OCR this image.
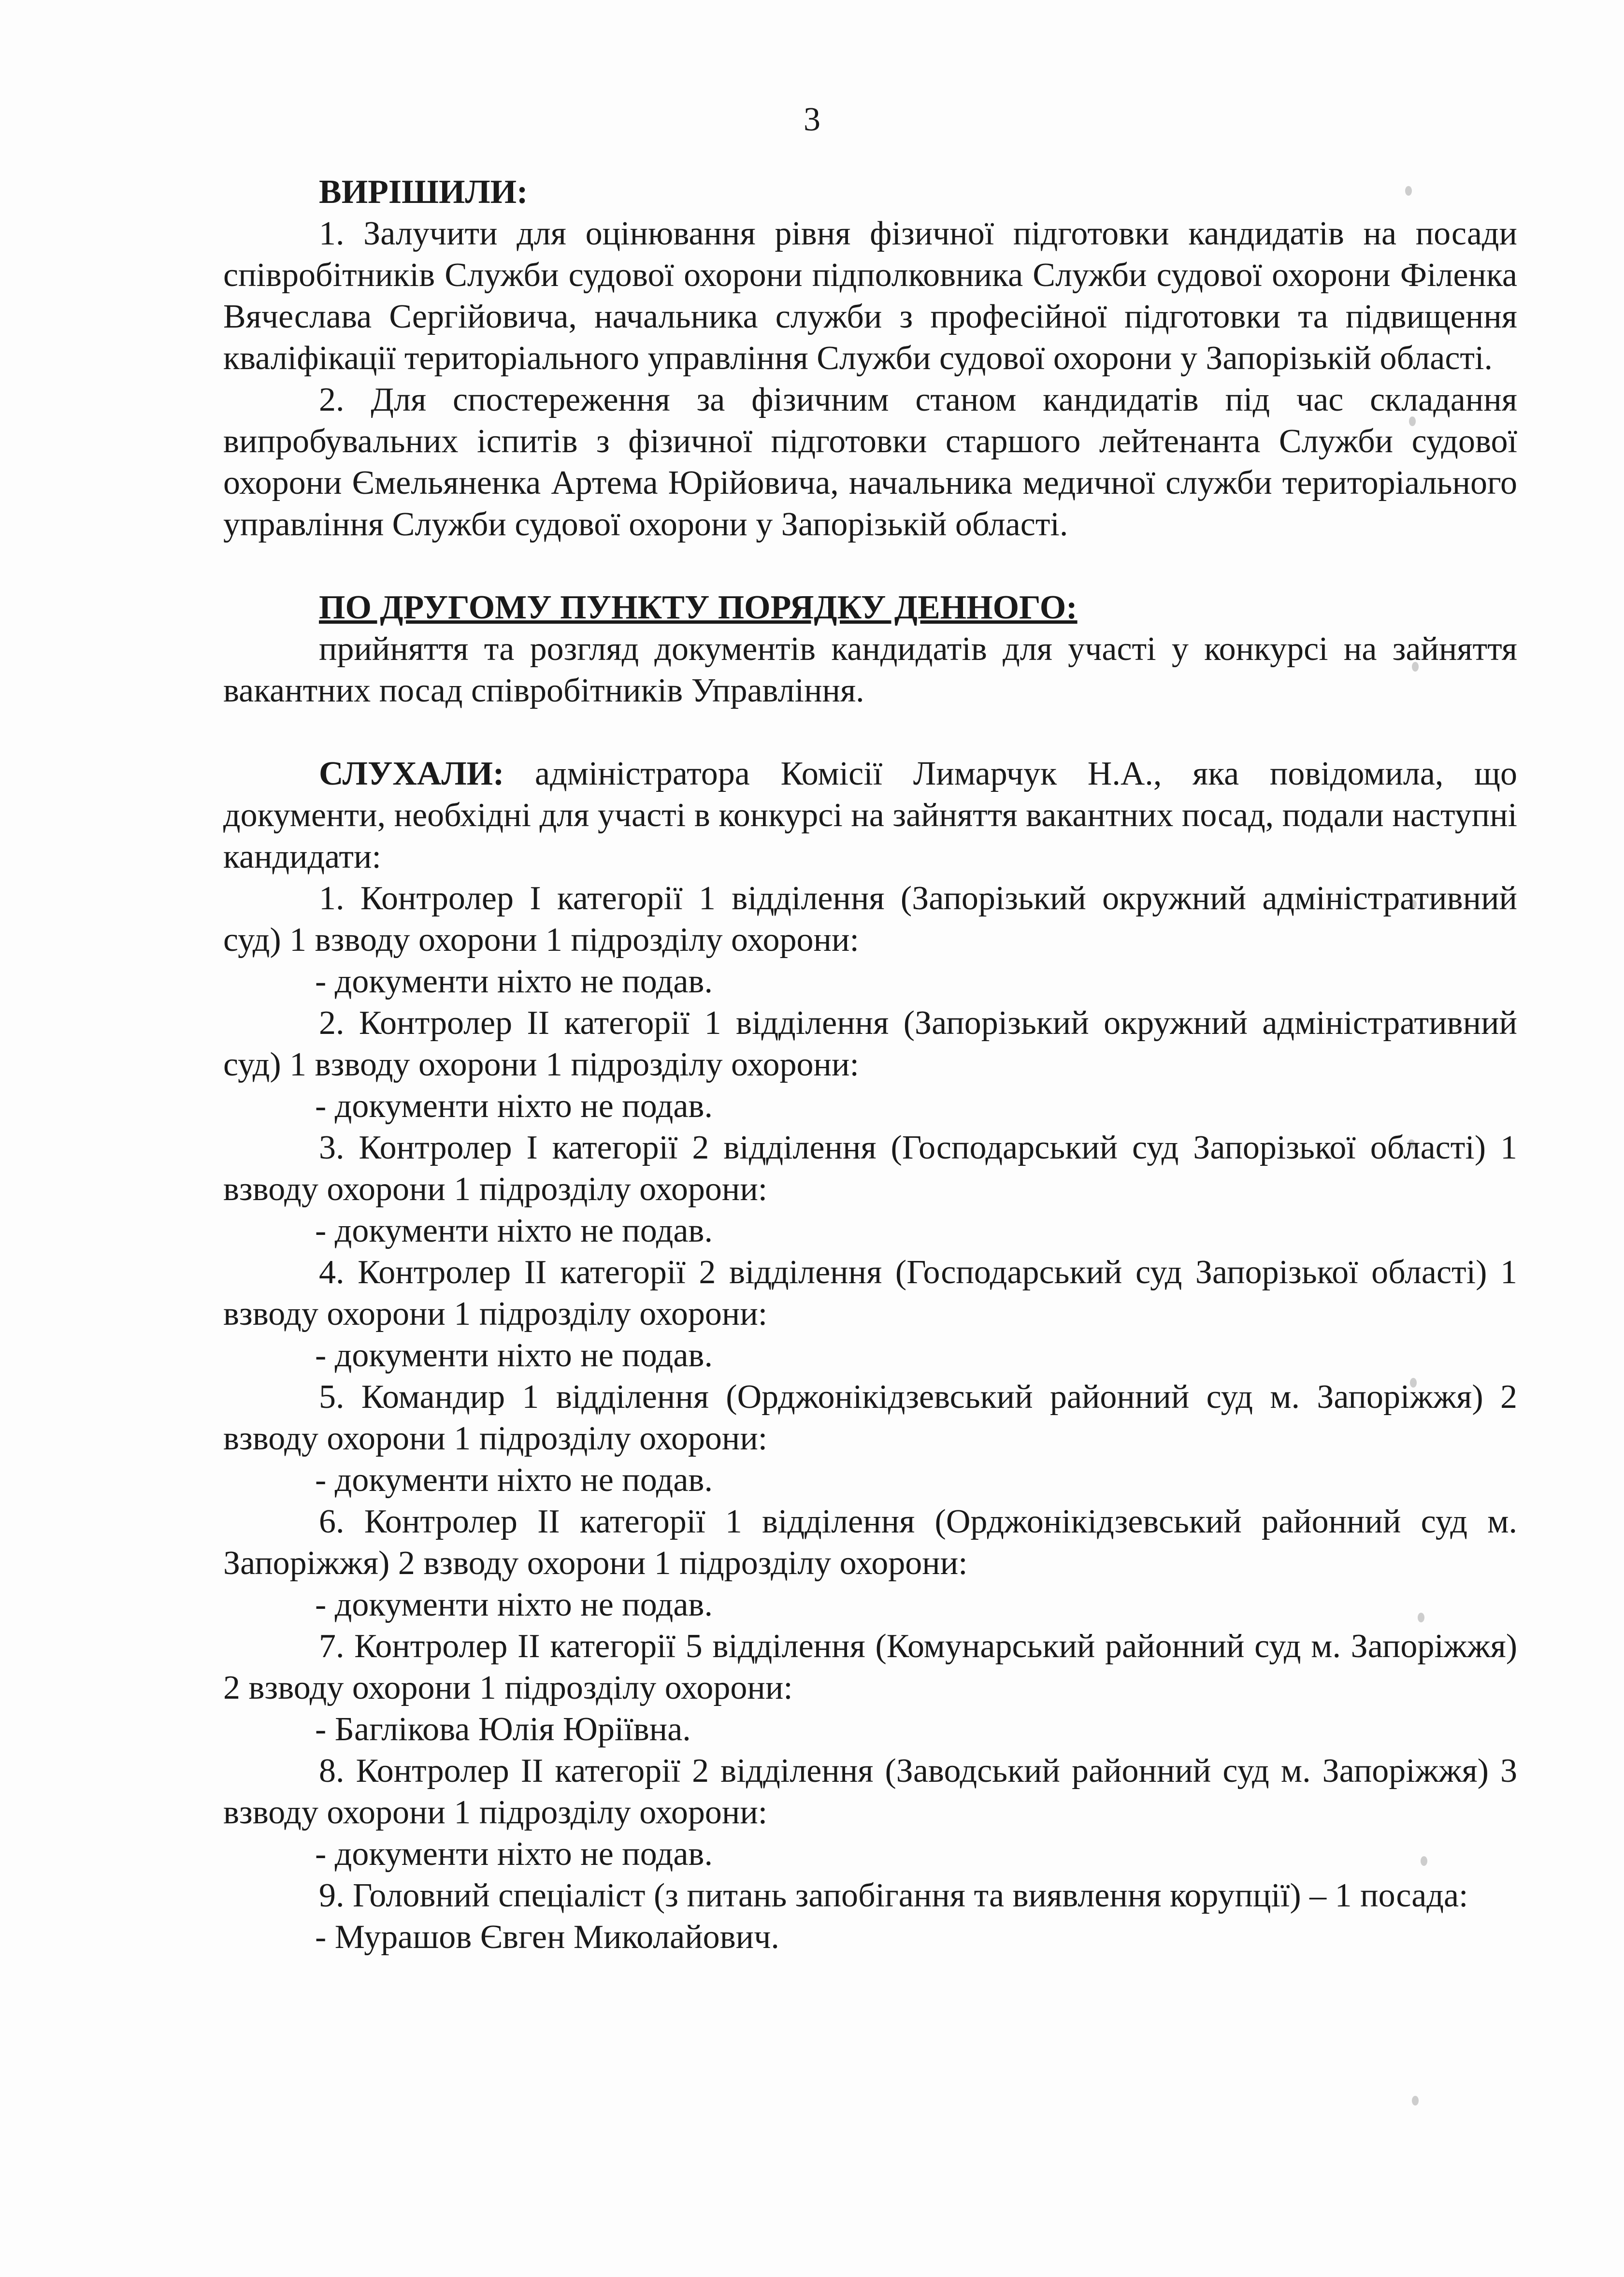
3

ВИРІШИЛИ:

1. Залучити для оцінювання рівня фізичної підготовки кандидатів на посади співробітників Служби судової охорони підполковника Служби судової охорони Філенка Вячеслава Сергійовича, начальника служби з професійної підготовки та підвищення кваліфікації територіального управління Служби судової охорони у Запорізькій області.

2. Для спостереження за фізичним станом кандидатів під час складання випробувальних іспитів з фізичної підготовки старшого лейтенанта Служби судової охорони Ємельяненка Артема Юрійовича, начальника медичної служби територіального управління Служби судової охорони у Запорізькій області.

ПО ДРУГОМУ ПУНКТУ ПОРЯДКУ ДЕННОГО:

прийняття та розгляд документів кандидатів для участі у конкурсі на зайняття вакантних посад співробітників Управління.

СЛУХАЛИ: адміністратора Комісії Лимарчук Н.А., яка повідомила, що документи, необхідні для участі в конкурсі на зайняття вакантних посад, подали наступні кандидати:

1. Контролер І категорії 1 відділення (Запорізький окружний адміністративний суд) 1 взводу охорони 1 підрозділу охорони:

- документи ніхто не подав.

2. Контролер ІІ категорії 1 відділення (Запорізький окружний адміністративний суд) 1 взводу охорони 1 підрозділу охорони:

- документи ніхто не подав.

3. Контролер І категорії 2 відділення (Господарський суд Запорізької області) 1 взводу охорони 1 підрозділу охорони:

- документи ніхто не подав.

4. Контролер ІІ категорії 2 відділення (Господарський суд Запорізької області) 1 взводу охорони 1 підрозділу охорони:

- документи ніхто не подав.

5. Командир 1 відділення (Орджонікідзевський районний суд м. Запоріжжя) 2 взводу охорони 1 підрозділу охорони:

- документи ніхто не подав.

6. Контролер ІІ категорії 1 відділення (Орджонікідзевський районний суд м. Запоріжжя) 2 взводу охорони 1 підрозділу охорони:

- документи ніхто не подав.

7. Контролер ІІ категорії 5 відділення (Комунарський районний суд м. Запоріжжя) 2 взводу охорони 1 підрозділу охорони:

- Баглікова Юлія Юріївна.

8. Контролер ІІ категорії 2 відділення (Заводський районний суд м. Запоріжжя) 3 взводу охорони 1 підрозділу охорони:

- документи ніхто не подав.

9. Головний спеціаліст (з питань запобігання та виявлення корупції) – 1 посада:

- Мурашов Євген Миколайович.
